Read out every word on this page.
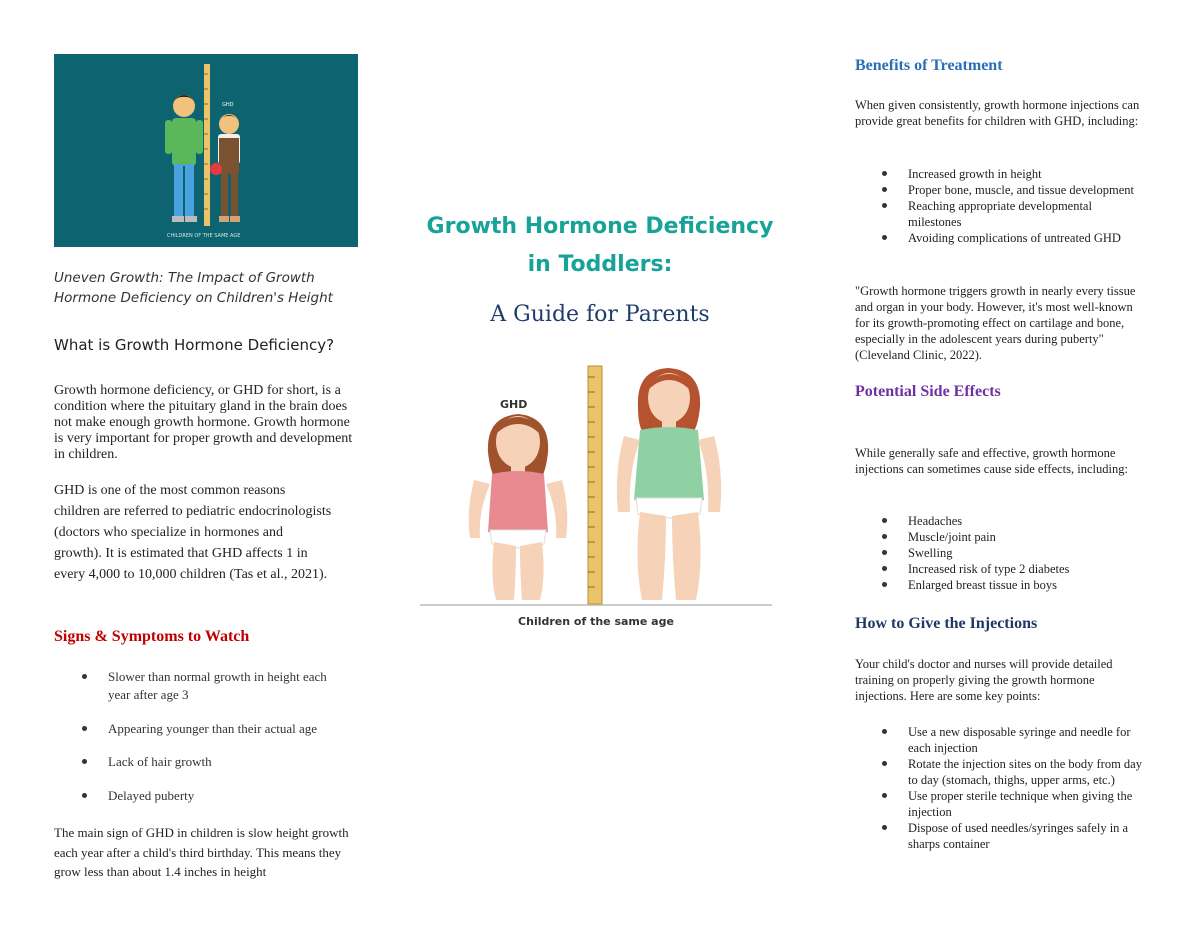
GHD
CHILDREN OF THE SAME AGE
Uneven Growth: The Impact of Growth Hormone Deficiency on Children's Height
What is Growth Hormone Deficiency?
Growth hormone deficiency, or GHD for short, is a condition where the pituitary gland in the brain does not make enough growth hormone. Growth hormone is very important for proper growth and development in children.
GHD is one of the most common reasons children are referred to pediatric endocrinologists (doctors who specialize in hormones and growth). It is estimated that GHD affects 1 in every 4,000 to 10,000 children (Tas et al., 2021).
Signs & Symptoms to Watch
Slower than normal growth in height each year after age 3
Appearing younger than their actual age
Lack of hair growth
Delayed puberty
The main sign of GHD in children is slow height growth each year after a child's third birthday. This means they grow less than about 1.4 inches in height
Growth Hormone Deficiency in Toddlers:
A Guide for Parents
GHD
Children of the same age
Benefits of Treatment
When given consistently, growth hormone injections can provide great benefits for children with GHD, including:
Increased growth in height
Proper bone, muscle, and tissue development
Reaching appropriate developmental milestones
Avoiding complications of untreated GHD
"Growth hormone triggers growth in nearly every tissue and organ in your body. However, it's most well-known for its growth-promoting effect on cartilage and bone, especially in the adolescent years during puberty" (Cleveland Clinic, 2022).
Potential Side Effects
While generally safe and effective, growth hormone injections can sometimes cause side effects, including:
Headaches
Muscle/joint pain
Swelling
Increased risk of type 2 diabetes
Enlarged breast tissue in boys
How to Give the Injections
Your child's doctor and nurses will provide detailed training on properly giving the growth hormone injections. Here are some key points:
Use a new disposable syringe and needle for each injection
Rotate the injection sites on the body from day to day (stomach, thighs, upper arms, etc.)
Use proper sterile technique when giving the injection
Dispose of used needles/syringes safely in a sharps container
